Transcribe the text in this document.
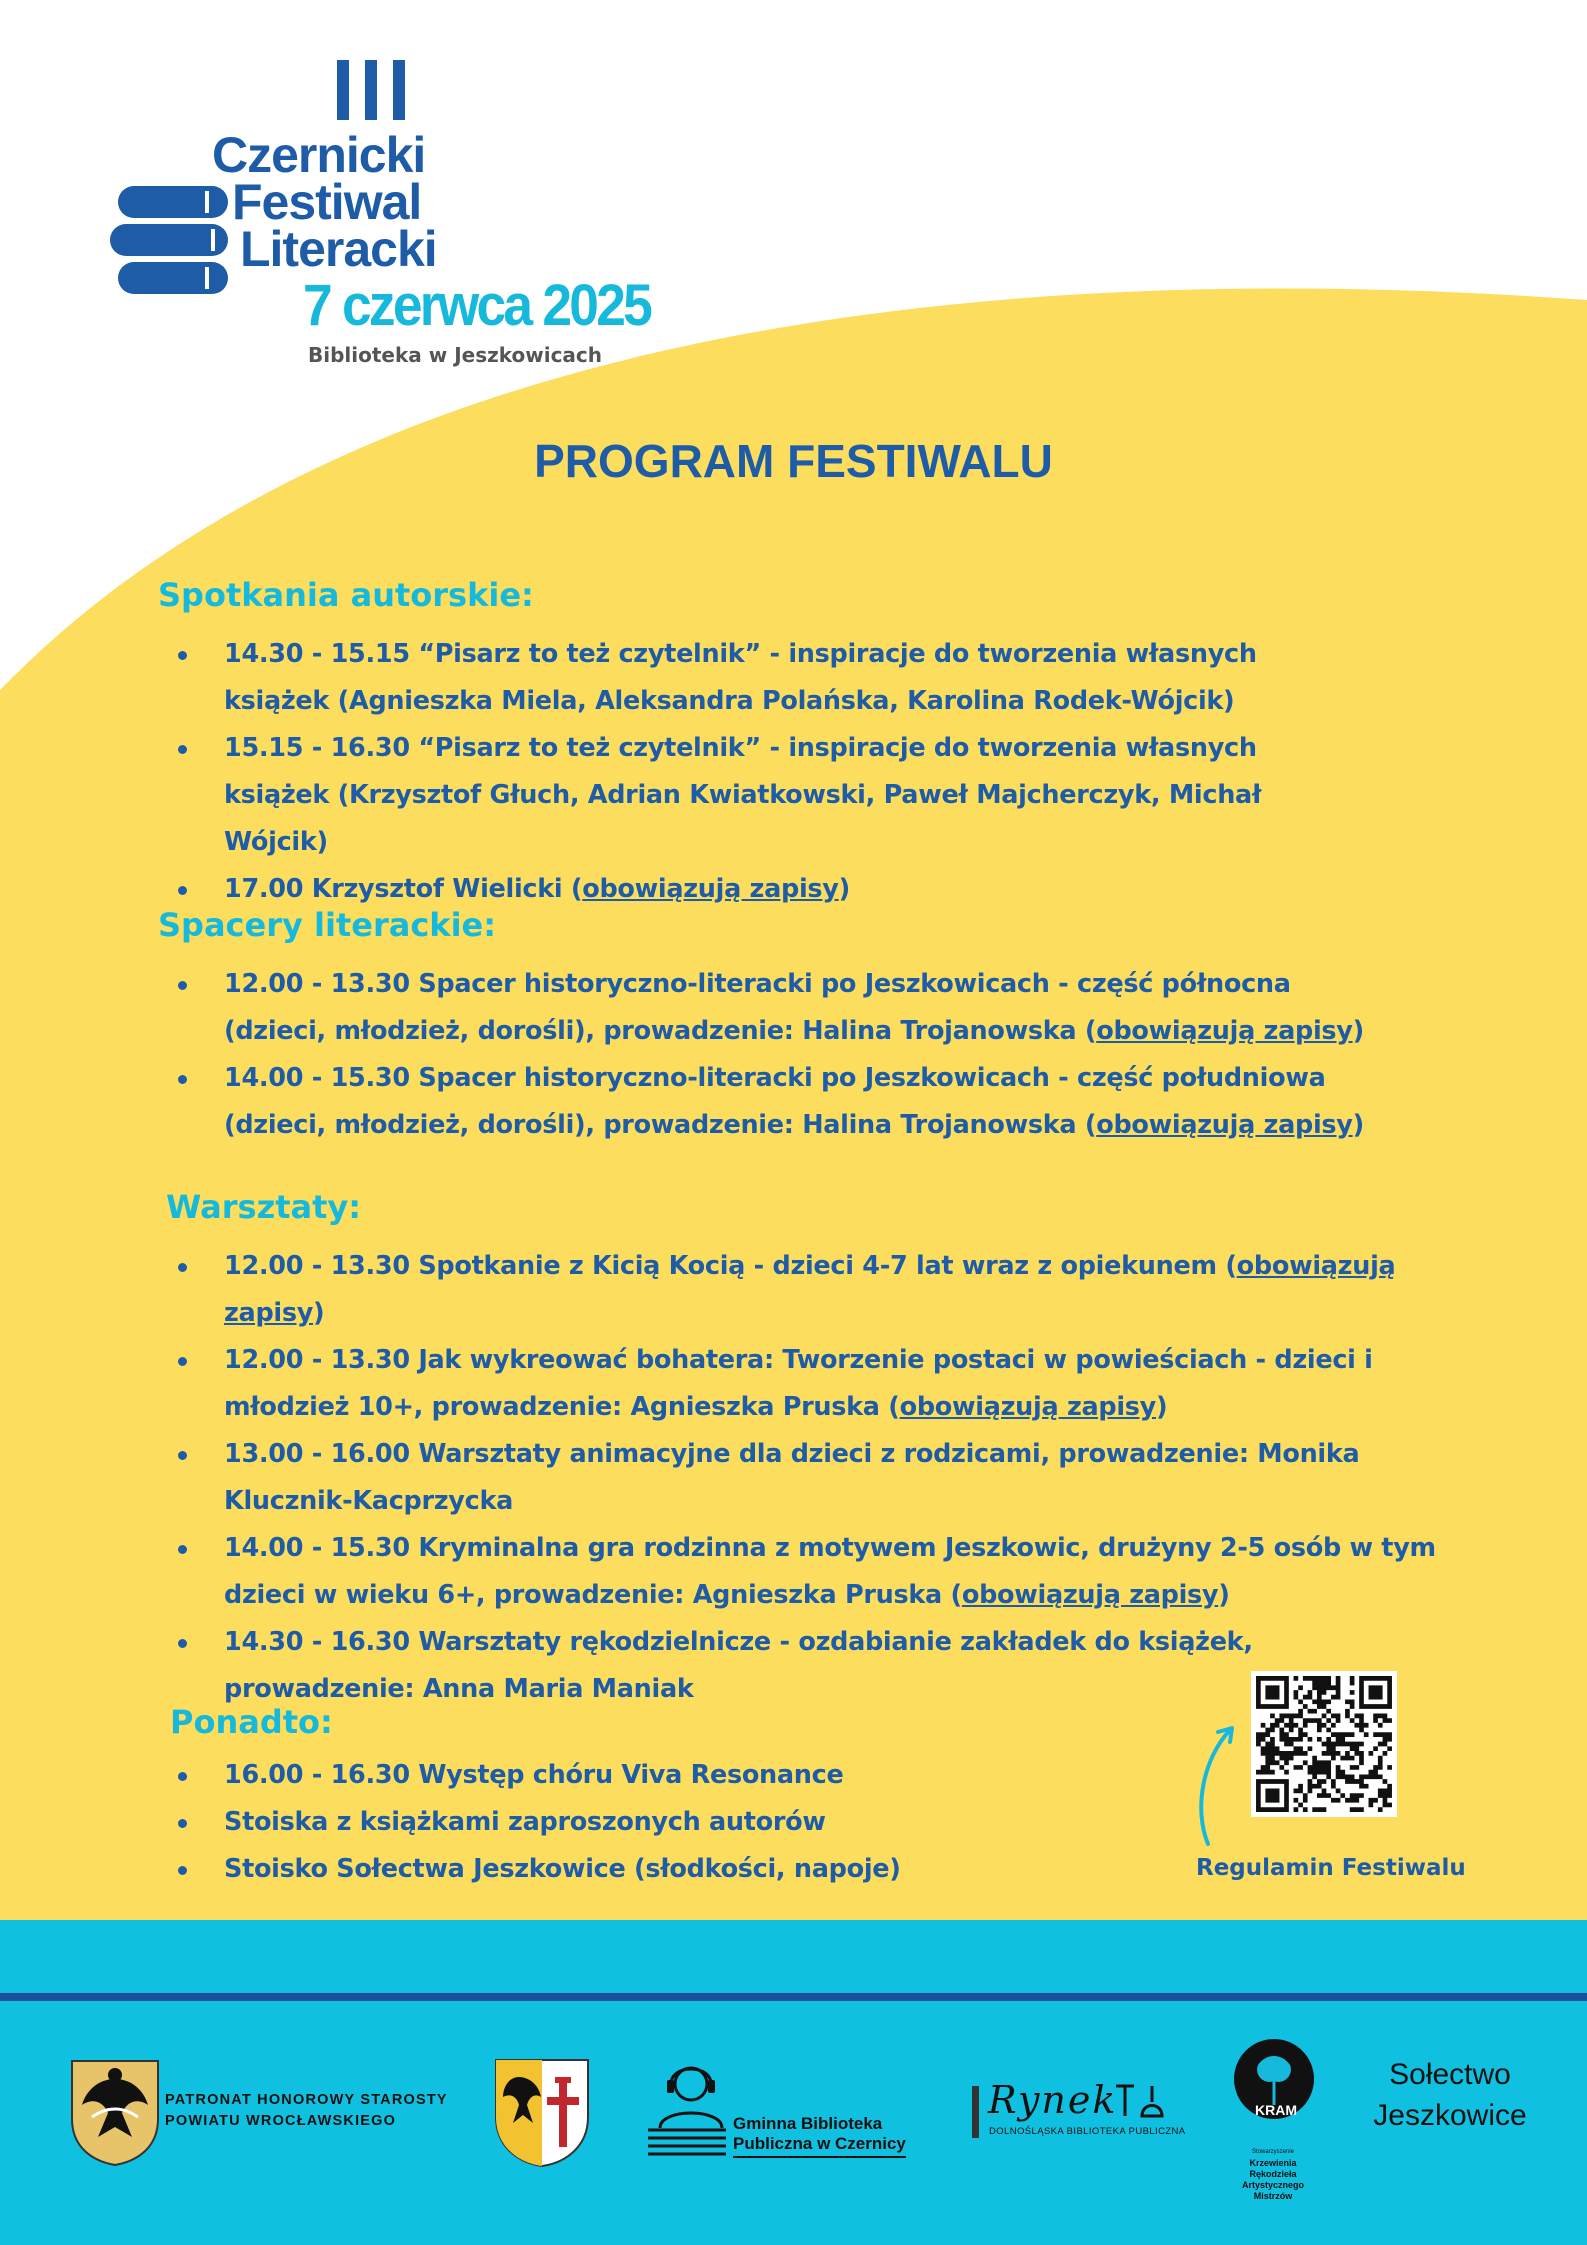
Czernicki
Festiwal
Literacki
7 czerwca 2025
Biblioteka w Jeszkowicach
PROGRAM FESTIWALU
Spotkania autorskie:
14.30 - 15.15 “Pisarz to też czytelnik” - inspiracje do tworzenia własnych książek (Agnieszka Miela, Aleksandra Polańska, Karolina Rodek-Wójcik)
15.15 - 16.30 “Pisarz to też czytelnik” - inspiracje do tworzenia własnych książek (Krzysztof Głuch, Adrian Kwiatkowski, Paweł Majcherczyk, Michał Wójcik)
17.00 Krzysztof Wielicki (obowiązują zapisy)
Spacery literackie:
12.00 - 13.30 Spacer historyczno-literacki po Jeszkowicach - część północna (dzieci, młodzież, dorośli), prowadzenie: Halina Trojanowska (obowiązują zapisy)
14.00 - 15.30 Spacer historyczno-literacki po Jeszkowicach - część południowa (dzieci, młodzież, dorośli), prowadzenie: Halina Trojanowska (obowiązują zapisy)
Warsztaty:
12.00 - 13.30 Spotkanie z Kicią Kocią - dzieci 4-7 lat wraz z opiekunem (obowiązują zapisy)
12.00 - 13.30 Jak wykreować bohatera: Tworzenie postaci w powieściach - dzieci i młodzież 10+, prowadzenie: Agnieszka Pruska (obowiązują zapisy)
13.00 - 16.00 Warsztaty animacyjne dla dzieci z rodzicami, prowadzenie: Monika Klucznik-Kacprzycka
14.00 - 15.30 Kryminalna gra rodzinna z motywem Jeszkowic, drużyny 2-5 osób w tym dzieci w wieku 6+, prowadzenie: Agnieszka Pruska (obowiązują zapisy)
14.30 - 16.30 Warsztaty rękodzielnicze - ozdabianie zakładek do książek, prowadzenie: Anna Maria Maniak
Ponadto:
16.00 - 16.30 Występ chóru Viva Resonance
Stoiska z książkami zaproszonych autorów
Stoisko Sołectwa Jeszkowice (słodkości, napoje)	Regulamin Festiwalu
PATRONAT HONOROWY STAROSTY
POWIATU WROCŁAWSKIEGO	Gminna Biblioteka
Publiczna w Czernicy
Rynek
DOLNOŚLĄSKA BIBLIOTEKA PUBLICZNA
KRAM
Stowarzyszenie
Krzewienia
Rękodzieła
Artystycznego
Mistrzów
Sołectwo
Jeszkowice
